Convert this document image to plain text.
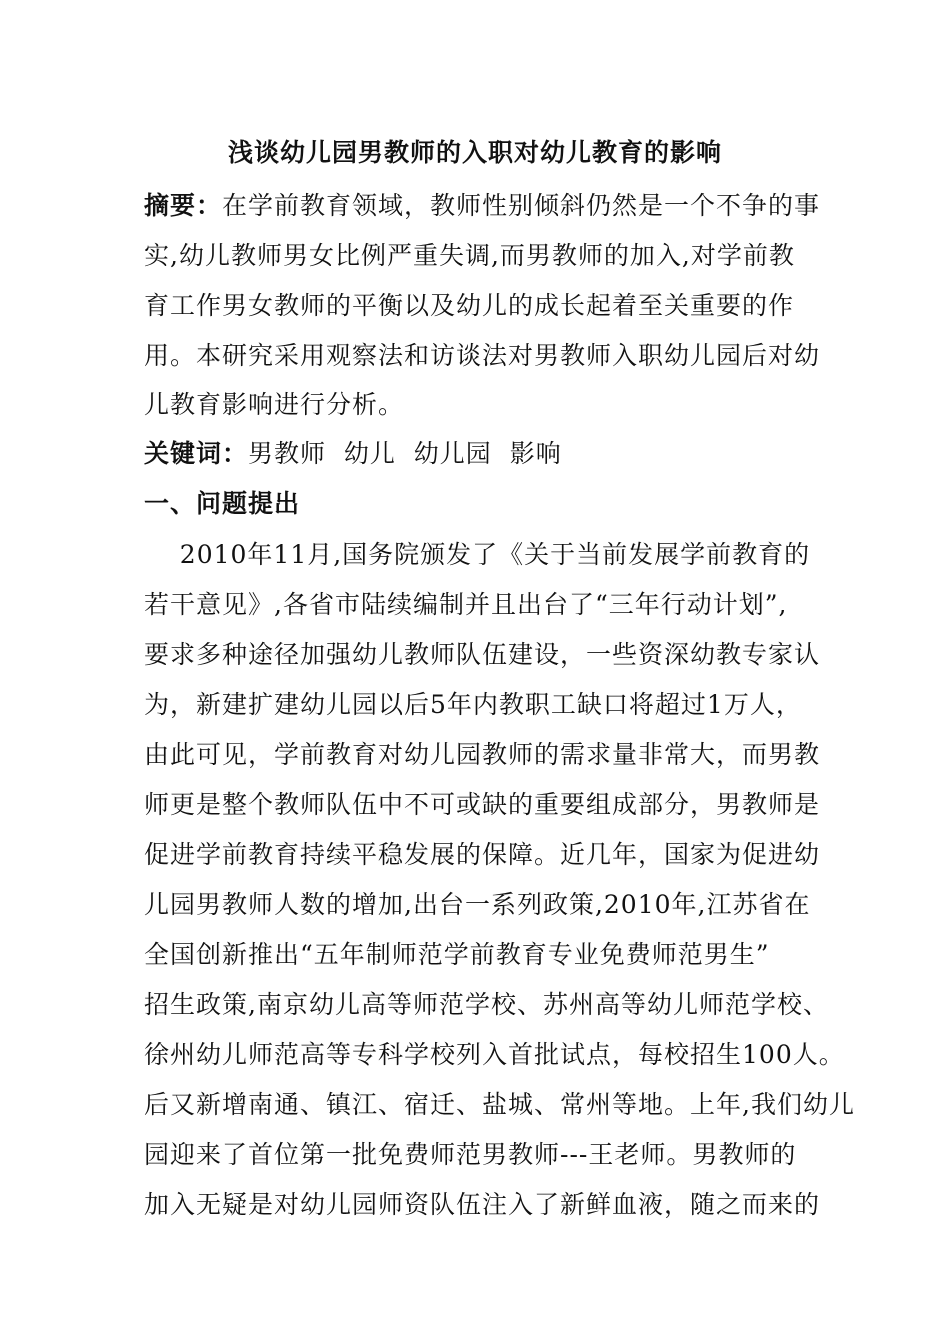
浅谈幼儿园男教师的入职对幼儿教育的影响
摘要：在学前教育领域，教师性别倾斜仍然是一个不争的事
实,幼儿教师男女比例严重失调,而男教师的加入,对学前教
育工作男女教师的平衡以及幼儿的成长起着至关重要的作
用。本研究采用观察法和访谈法对男教师入职幼儿园后对幼
儿教育影响进行分析。
关键词：男教师  幼儿  幼儿园  影响
一、问题提出
2010年11月,国务院颁发了《关于当前发展学前教育的
若干意见》,各省市陆续编制并且出台了“三年行动计划”,
要求多种途径加强幼儿教师队伍建设，一些资深幼教专家认
为，新建扩建幼儿园以后5年内教职工缺口将超过1万人，
由此可见，学前教育对幼儿园教师的需求量非常大，而男教
师更是整个教师队伍中不可或缺的重要组成部分，男教师是
促进学前教育持续平稳发展的保障。近几年，国家为促进幼
儿园男教师人数的增加,出台一系列政策,2010年,江苏省在
全国创新推出“五年制师范学前教育专业免费师范男生”
招生政策,南京幼儿高等师范学校、苏州高等幼儿师范学校、
徐州幼儿师范高等专科学校列入首批试点，每校招生100人。
后又新增南通、镇江、宿迁、盐城、常州等地。上年,我们幼儿
园迎来了首位第一批免费师范男教师---王老师。男教师的
加入无疑是对幼儿园师资队伍注入了新鲜血液，随之而来的
